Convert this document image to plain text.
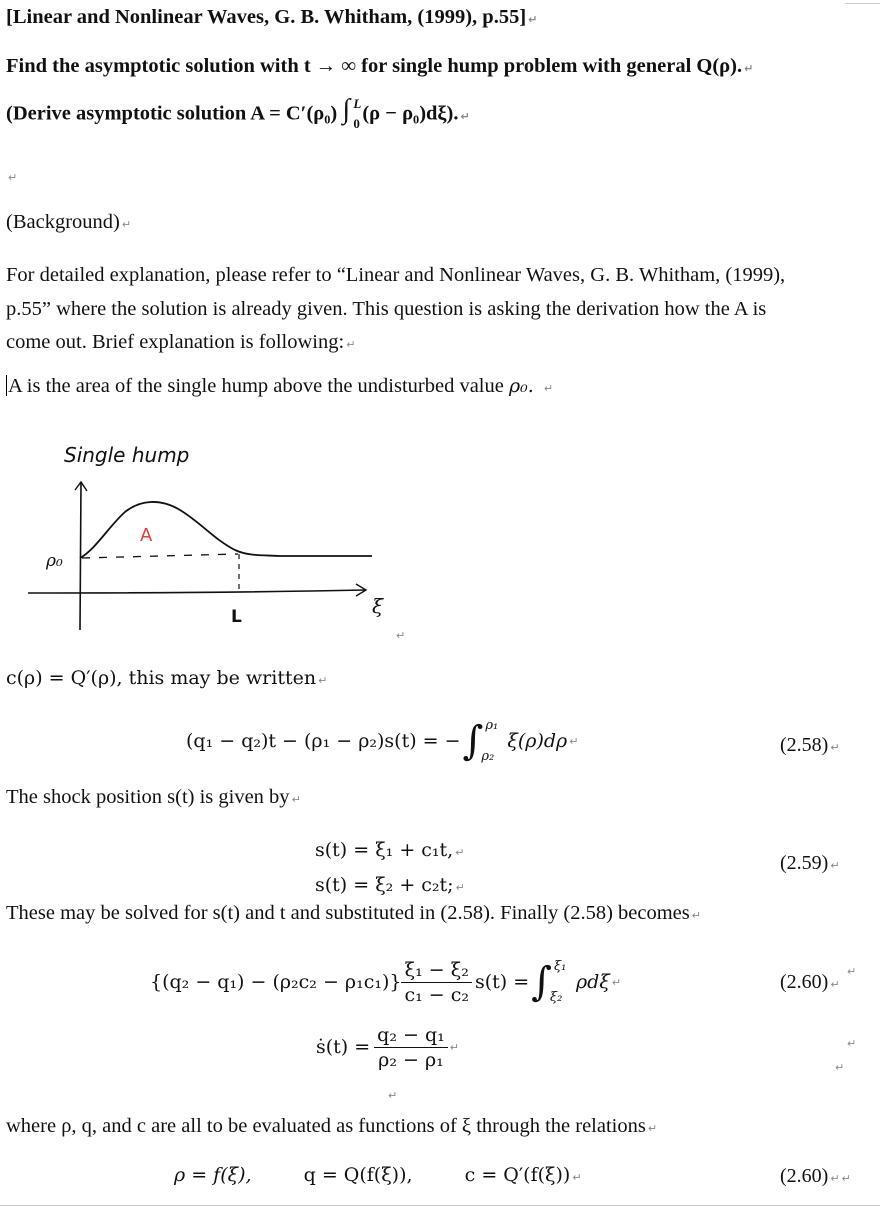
[Linear and Nonlinear Waves, G. B. Whitham, (1999), p.55] ↵
Find the asymptotic solution with t → ∞ for single hump problem with general Q(ρ). ↵
(Derive asymptotic solution A = C′(ρ₀) ∫ L
0 (ρ − ρ₀)dξ). ↵
↵
(Background) ↵
For detailed explanation, please refer to “Linear and Nonlinear Waves, G. B. Whitham, (1999),
p.55” where the solution is already given. This question is asking the derivation how the A is
come out. Brief explanation is following: ↵
A is the area of the single hump above the undisturbed value ρ₀. ↵
Single hump
A
ρ₀
L	ξ
↵
c(ρ) = Q′(ρ), this may be written ↵
(q₁ − q₂)t − (ρ₁ − ρ₂)s(t) = − ∫ ρ₁
ρ₂
ξ(ρ)dρ ↵	(2.58) ↵
The shock position s(t) is given by ↵
s(t) = ξ₁ + c₁t, ↵
s(t) = ξ₂ + c₂t; ↵
(2.59) ↵
These may be solved for s(t) and t and substituted in (2.58). Finally (2.58) becomes ↵
$\{(q_2 - q_1) - (\rho_2c_2 - \rho_1c_1)\} \frac{\text{ξ₁ − ξ₂}}{\text{c₁ − c₂}} s(t)$ = ∫ ξ₁
ξ₂
ρdξ ↵	(2.60) ↵
↵
ṡ(t) = $\frac{\text{q₂ − q₁}}{\text{ρ₂ − ρ₁}}$ ↵	↵
↵
↵
where ρ, q, and c are all to be evaluated as functions of ξ through the relations ↵
ρ = f(ξ),	q = Q(f(ξ)),	c = Q′(f(ξ)) ↵	(2.60) ↵ ↵
